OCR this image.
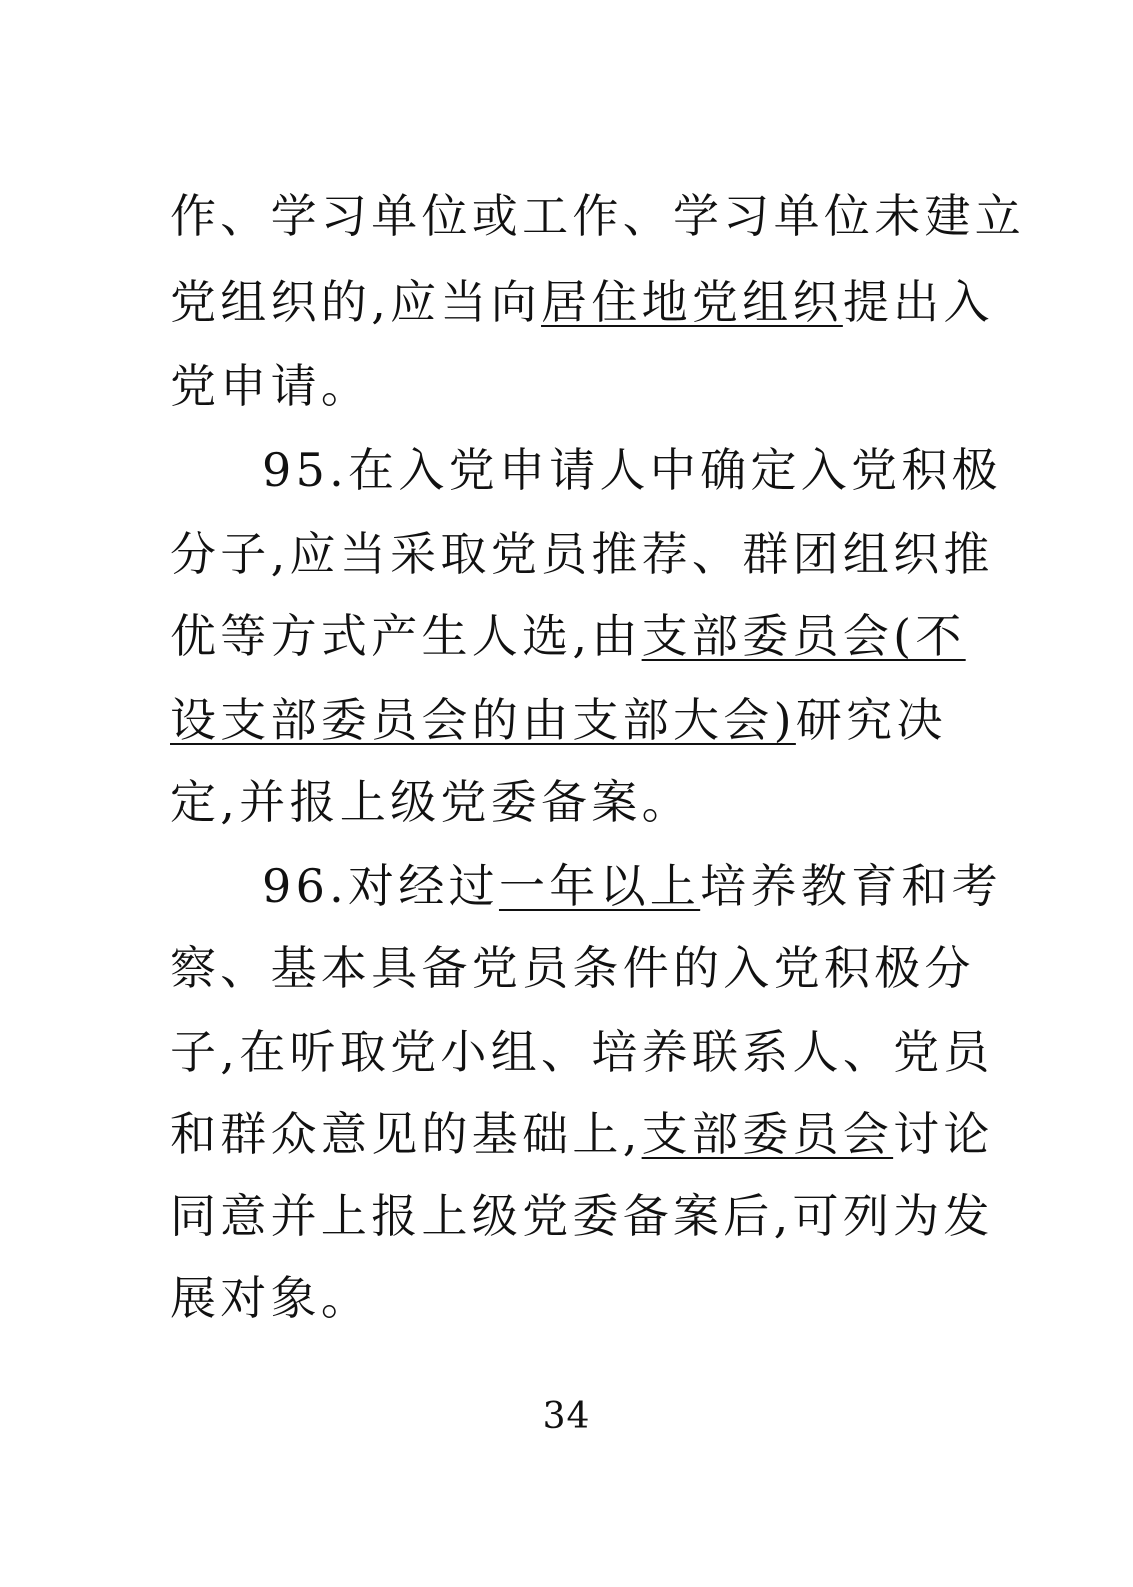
作、学习单位或工作、学习单位未建立
党组织的,应当向居住地党组织提出入
党申请。
95.在入党申请人中确定入党积极
分子,应当采取党员推荐、群团组织推
优等方式产生人选,由支部委员会(不
设支部委员会的由支部大会)研究决
定,并报上级党委备案。
96.对经过一年以上培养教育和考
察、基本具备党员条件的入党积极分
子,在听取党小组、培养联系人、党员
和群众意见的基础上,支部委员会讨论
同意并上报上级党委备案后,可列为发
展对象。
34
